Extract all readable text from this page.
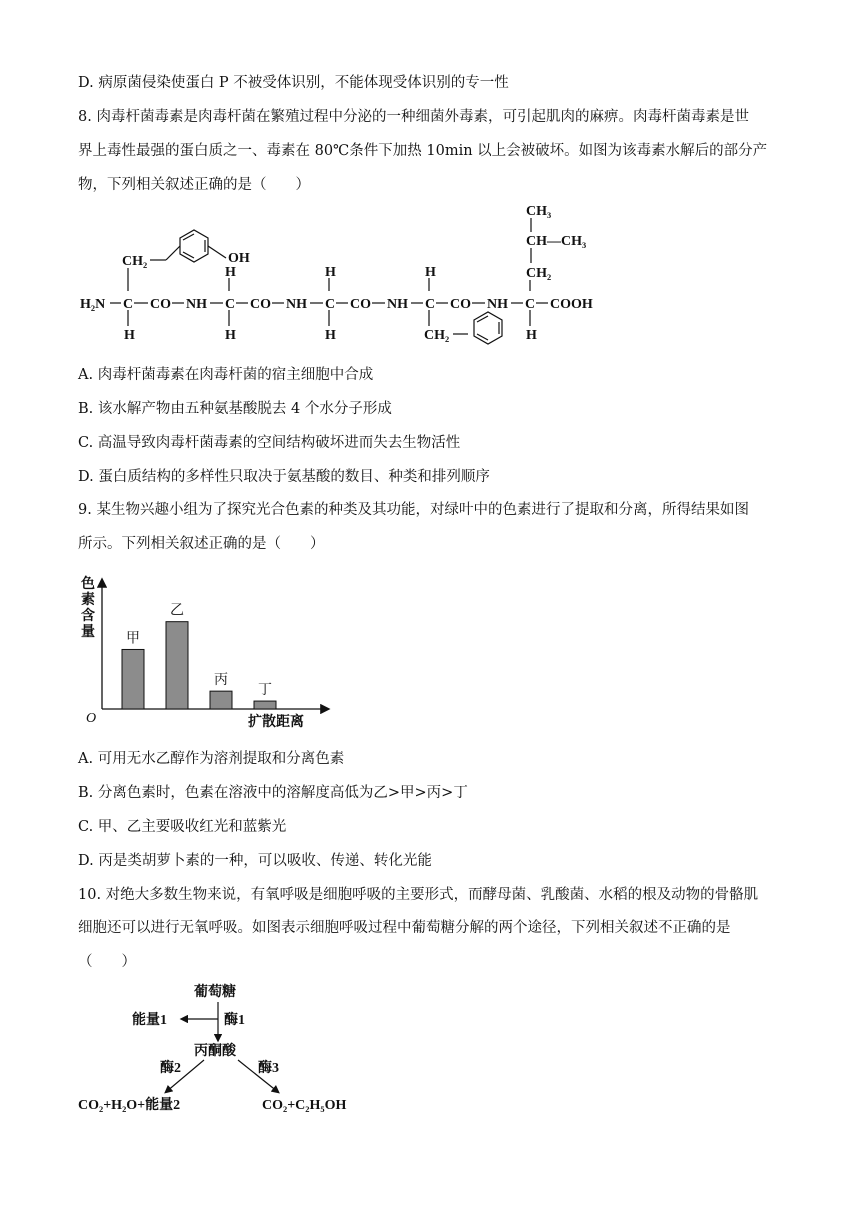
D. 病原菌侵染使蛋白 P 不被受体识别，不能体现受体识别的专一性
8. 肉毒杆菌毒素是肉毒杆菌在繁殖过程中分泌的一种细菌外毒素，可引起肌肉的麻痹。肉毒杆菌毒素是世
界上毒性最强的蛋白质之一、毒素在 80℃条件下加热 10min 以上会被破坏。如图为该毒素水解后的部分产
物，下列相关叙述正确的是（　　）
H₂N C CO NH C CO NH C CO NH C CO NH C COOH
H	H	H
H	H	H	H
CH₂	OH
CH₂
CH₃
CH—CH₃
CH₂
A. 肉毒杆菌毒素在肉毒杆菌的宿主细胞中合成
B. 该水解产物由五种氨基酸脱去 4 个水分子形成
C. 高温导致肉毒杆菌毒素的空间结构破坏进而失去生物活性
D. 蛋白质结构的多样性只取决于氨基酸的数目、种类和排列顺序
9. 某生物兴趣小组为了探究光合色素的种类及其功能，对绿叶中的色素进行了提取和分离，所得结果如图
所示。下列相关叙述正确的是（　　）
O	扩散距离
色
素
含
量 甲
乙
丙
丁
A. 可用无水乙醇作为溶剂提取和分离色素
B. 分离色素时，色素在溶液中的溶解度高低为乙>甲>丙>丁
C. 甲、乙主要吸收红光和蓝紫光
D. 丙是类胡萝卜素的一种，可以吸收、传递、转化光能
10. 对绝大多数生物来说，有氧呼吸是细胞呼吸的主要形式，而酵母菌、乳酸菌、水稻的根及动物的骨骼肌
细胞还可以进行无氧呼吸。如图表示细胞呼吸过程中葡萄糖分解的两个途径，下列相关叙述不正确的是
（　　）
葡萄糖
能量1	酶1
丙酮酸
酶2	酶3
CO₂+H₂O+能量2	CO₂+C₂H₅OH
